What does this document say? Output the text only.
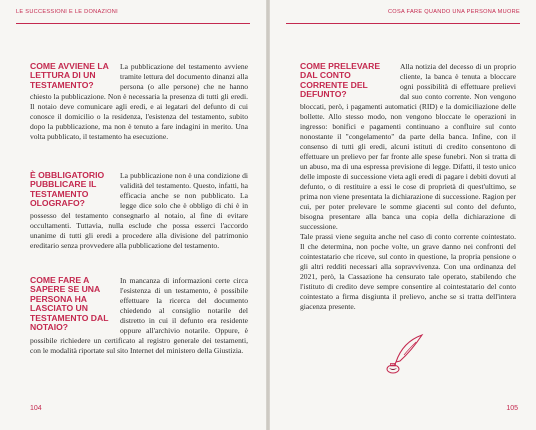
LE SUCCESSIONI E LE DONAZIONI
COME AVVIENE LA LETTURA DI UN TESTAMENTO?

La pubblicazione del testamento avviene tramite lettura del documento dinanzi alla persona (o alle persone) che ne hanno chiesto la pubblicazione. Non è necessaria la presenza di tutti gli eredi. Il notaio deve comunicare agli eredi, e ai legatari del defunto di cui conosce il domicilio o la residenza, l'esistenza del testamento, subito dopo la pubblicazione, ma non è tenuto a fare indagini in merito. Una volta pubblicato, il testamento ha esecuzione.

È OBBLIGATORIO PUBBLICARE IL TESTAMENTO OLOGRAFO?

La pubblicazione non è una condizione di validità del testamento. Questo, infatti, ha efficacia anche se non pubblicato. La legge dice solo che è obbligo di chi è in possesso del testamento consegnarlo al notaio, al fine di evitare occultamenti. Tuttavia, nulla esclude che possa esserci l'accordo unanime di tutti gli eredi a procedere alla divisione del patrimonio ereditario senza provvedere alla pubblicazione del testamento.

COME FARE A SAPERE SE UNA PERSONA HA LASCIATO UN TESTAMENTO DAL NOTAIO?

In mancanza di informazioni certe circa l'esistenza di un testamento, è possibile effettuare la ricerca del documento chiedendo al consiglio notarile del distretto in cui il defunto era residente oppure all'archivio notarile. Oppure, è possibile richiedere un certificato al registro generale dei testamenti, con le modalità riportate sul sito Internet del ministero della Giustizia.

104
COSA FARE QUANDO UNA PERSONA MUORE
COME PRELEVARE DAL CONTO CORRENTE DEL DEFUNTO?

Alla notizia del decesso di un proprio cliente, la banca è tenuta a bloccare ogni possibilità di effettuare prelievi dal suo conto corrente. Non vengono bloccati, però, i pagamenti automatici (RID) e la domiciliazione delle bollette. Allo stesso modo, non vengono bloccate le operazioni in ingresso: bonifici e pagamenti continuano a confluire sul conto nonostante il "congelamento" da parte della banca. Infine, con il consenso di tutti gli eredi, alcuni istituti di credito consentono di effettuare un prelievo per far fronte alle spese funebri. Non si tratta di un abuso, ma di una espressa previsione di legge. Difatti, il testo unico delle imposte di successione vieta agli eredi di pagare i debiti dovuti al defunto, o di restituire a essi le cose di proprietà di quest'ultimo, se prima non viene presentata la dichiarazione di successione. Ragion per cui, per poter prelevare le somme giacenti sul conto del defunto, bisogna presentare alla banca una copia della dichiarazione di successione.

Tale prassi viene seguita anche nel caso di conto corrente cointestato. Il che determina, non poche volte, un grave danno nei confronti del cointestatario che riceve, sul conto in questione, la propria pensione o gli altri redditi necessari alla sopravvivenza. Con una ordinanza del 2021, però, la Cassazione ha censurato tale operato, stabilendo che l'istituto di credito deve sempre consentire al cointestatario del conto cointestato a firma disgiunta il prelievo, anche se si tratta dell'intera giacenza presente.

105
